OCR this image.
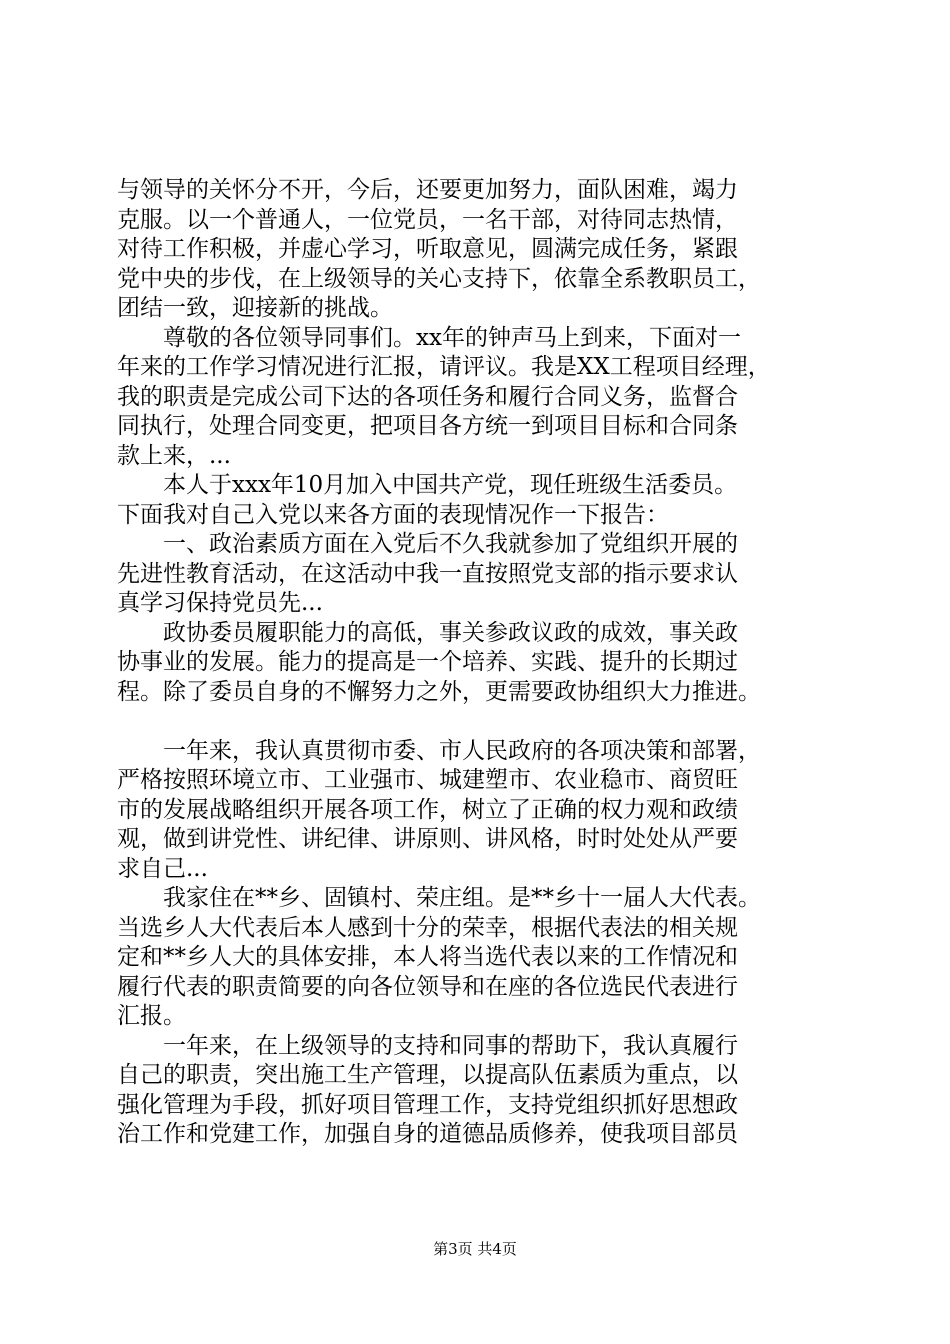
与领导的关怀分不开，今后，还要更加努力，面队困难，竭力
克服。以一个普通人，一位党员，一名干部，对待同志热情，
对待工作积极，并虚心学习，听取意见，圆满完成任务，紧跟
党中央的步伐，在上级领导的关心支持下，依靠全系教职员工，
团结一致，迎接新的挑战。
尊敬的各位领导同事们。xx年的钟声马上到来，下面对一
年来的工作学习情况进行汇报，请评议。我是XX工程项目经理，
我的职责是完成公司下达的各项任务和履行合同义务，监督合
同执行，处理合同变更，把项目各方统一到项目目标和合同条
款上来，...
本人于xxx年10月加入中国共产党，现任班级生活委员。
下面我对自己入党以来各方面的表现情况作一下报告：
一、政治素质方面在入党后不久我就参加了党组织开展的
先进性教育活动，在这活动中我一直按照党支部的指示要求认
真学习保持党员先...
政协委员履职能力的高低，事关参政议政的成效，事关政
协事业的发展。能力的提高是一个培养、实践、提升的长期过
程。除了委员自身的不懈努力之外，更需要政协组织大力推进。
一年来，我认真贯彻市委、市人民政府的各项决策和部署，
严格按照环境立市、工业强市、城建塑市、农业稳市、商贸旺
市的发展战略组织开展各项工作，树立了正确的权力观和政绩
观，做到讲党性、讲纪律、讲原则、讲风格，时时处处从严要
求自己...
我家住在**乡、固镇村、荣庄组。是**乡十一届人大代表。
当选乡人大代表后本人感到十分的荣幸，根据代表法的相关规
定和**乡人大的具体安排，本人将当选代表以来的工作情况和
履行代表的职责简要的向各位领导和在座的各位选民代表进行
汇报。
一年来，在上级领导的支持和同事的帮助下，我认真履行
自己的职责，突出施工生产管理，以提高队伍素质为重点，以
强化管理为手段，抓好项目管理工作，支持党组织抓好思想政
治工作和党建工作，加强自身的道德品质修养，使我项目部员
第3页 共4页
